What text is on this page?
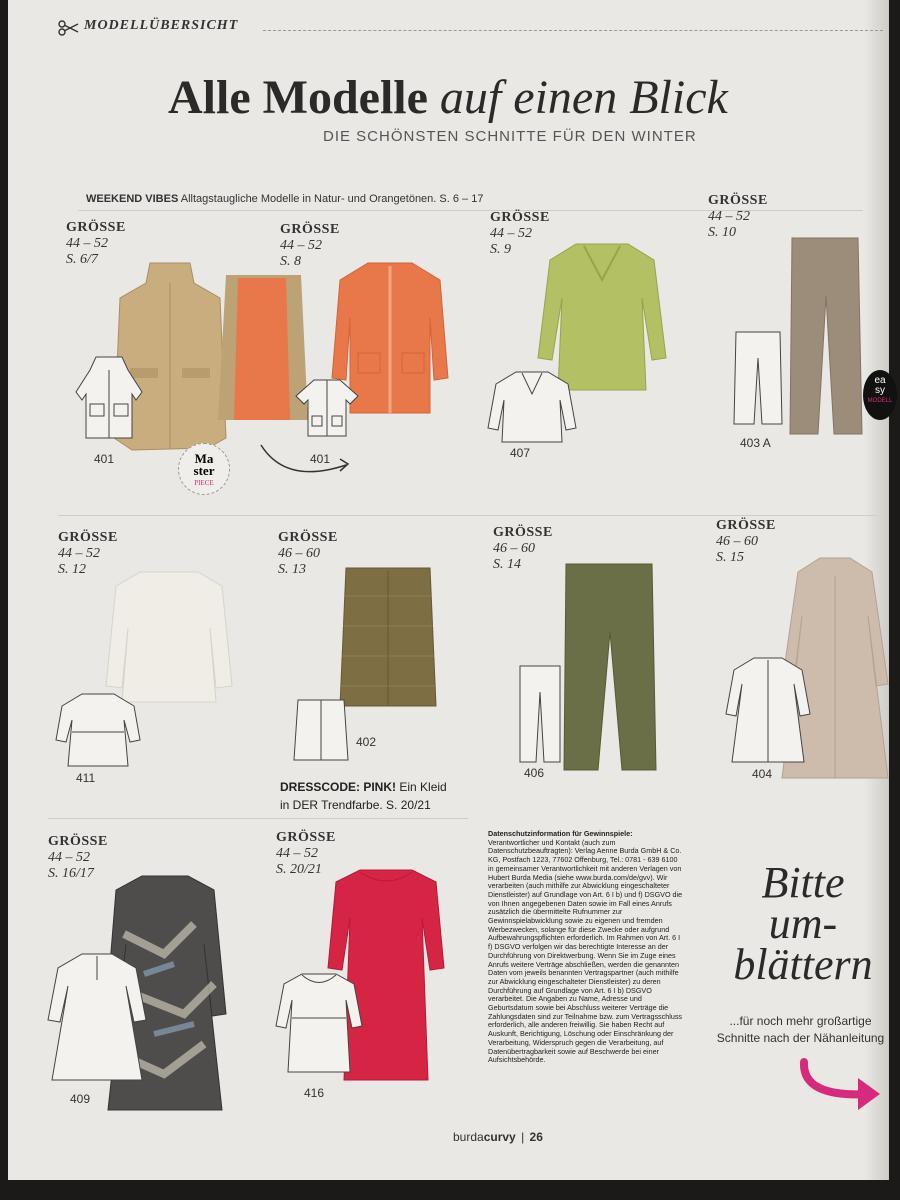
MODELLÜBERSICHT
Alle Modelle auf einen Blick
DIE SCHÖNSTEN SCHNITTE FÜR DEN WINTER
WEEKEND VIBES Alltagstaugliche Modelle in Natur- und Orangetönen. S. 6 – 17
GRÖSSE
44 – 52
S. 6/7
GRÖSSE
44 – 52
S. 8
GRÖSSE
44 – 52
S. 9
GRÖSSE
44 – 52
S. 10
401	Ma
ster
PIECE
401	407
403 A
ea
sy
MODELL
GRÖSSE
44 – 52
S. 12
GRÖSSE
46 – 60
S. 13
GRÖSSE
46 – 60
S. 14
GRÖSSE
46 – 60
S. 15
411
402
406	404
DRESSCODE: PINK! Ein Kleid in DER Trendfarbe. S. 20/21
GRÖSSE
44 – 52
S. 16/17
GRÖSSE
44 – 52
S. 20/21
409	416
Datenschutzinformation für Gewinnspiele:
Verantwortlicher und Kontakt (auch zum Datenschutzbeauftragten): Verlag Aenne Burda GmbH & Co. KG, Postfach 1223, 77602 Offenburg, Tel.: 0781 - 639 6100 in gemeinsamer Verantwortlichkeit mit anderen Verlagen von Hubert Burda Media (siehe www.burda.com/de/gvv). Wir verarbeiten (auch mithilfe zur Abwicklung eingeschalteter Dienstleister) auf Grundlage von Art. 6 I b) und f) DSGVO die von Ihnen angegebenen Daten sowie im Fall eines Anrufs zusätzlich die übermittelte Rufnummer zur Gewinnspielabwicklung sowie zu eigenen und fremden Werbezwecken, solange für diese Zwecke oder aufgrund Aufbewahrungspflichten erforderlich. Im Rahmen von Art. 6 I f) DSGVO verfolgen wir das berechtigte Interesse an der Durchführung von Direktwerbung. Wenn Sie im Zuge eines Anrufs weitere Verträge abschließen, werden die genannten Daten vom jeweils benannten Vertragspartner (auch mithilfe zur Abwicklung eingeschalteter Dienstleister) zu deren Durchführung auf Grundlage von Art. 6 I b) DSGVO verarbeitet. Die Angaben zu Name, Adresse und Geburtsdatum sowie bei Abschluss weiterer Verträge die Zahlungsdaten sind zur Teilnahme bzw. zum Vertragsschluss erforderlich, alle anderen freiwillig. Sie haben Recht auf Auskunft, Berichtigung, Löschung oder Einschränkung der Verarbeitung, Widerspruch gegen die Verarbeitung, auf Datenübertragbarkeit sowie auf Beschwerde bei einer Aufsichtsbehörde.
Bitte
um-
blättern
...für noch mehr großartige Schnitte nach der Nähanleitung
burdacurvy | 26
